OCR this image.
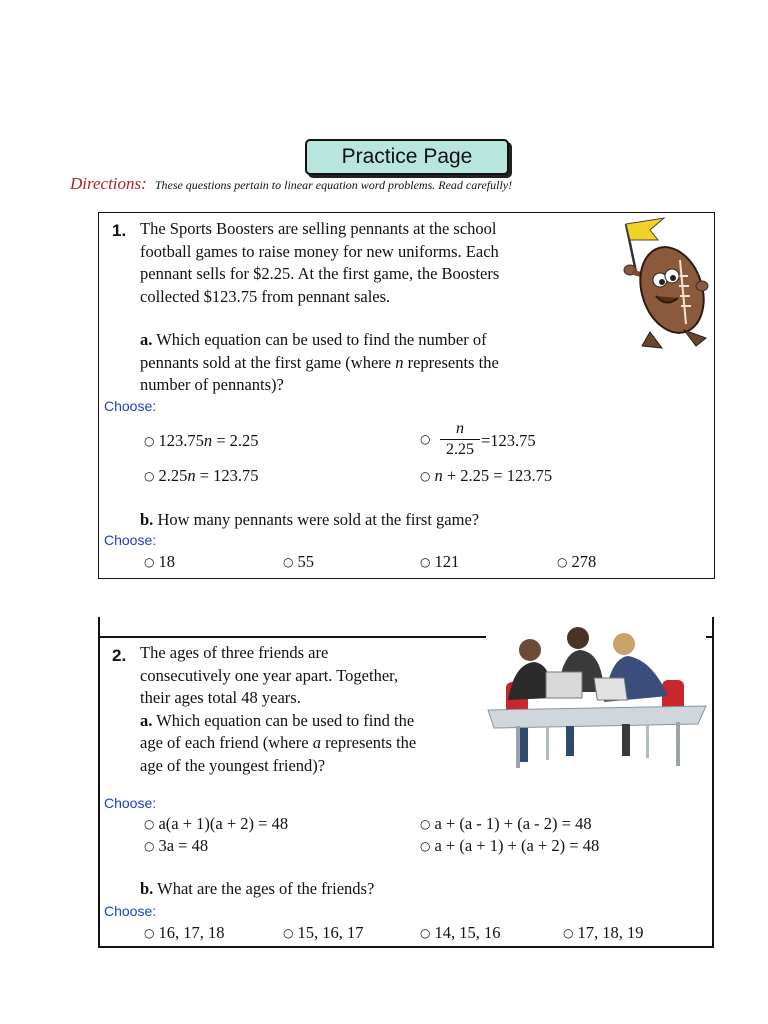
Practice Page
Directions: These questions pertain to linear equation word problems. Read carefully!
1. The Sports Boosters are selling pennants at the school
football games to raise money for new uniforms. Each
pennant sells for $2.25. At the first game, the Boosters
collected $123.75 from pennant sales.
a. Which equation can be used to find the number of
pennants sold at the first game (where n represents the
number of pennants)?
Choose:
○ 123.75n = 2.25	○
n
2.25 =123.75
○ 2.25n = 123.75	○ n + 2.25 = 123.75
b. How many pennants were sold at the first game?
Choose:
○ 18	○ 55	○ 121	○ 278
2. The ages of three friends are
consecutively one year apart. Together,
their ages total 48 years.
a. Which equation can be used to find the
age of each friend (where a represents the
age of the youngest friend)?
Choose:
○ a(a + 1)(a + 2) = 48	○ a + (a - 1) + (a - 2) = 48
○ 3a = 48	○ a + (a + 1) + (a + 2) = 48
b. What are the ages of the friends?
Choose:
○ 16, 17, 18	○ 15, 16, 17	○ 14, 15, 16	○ 17, 18, 19
